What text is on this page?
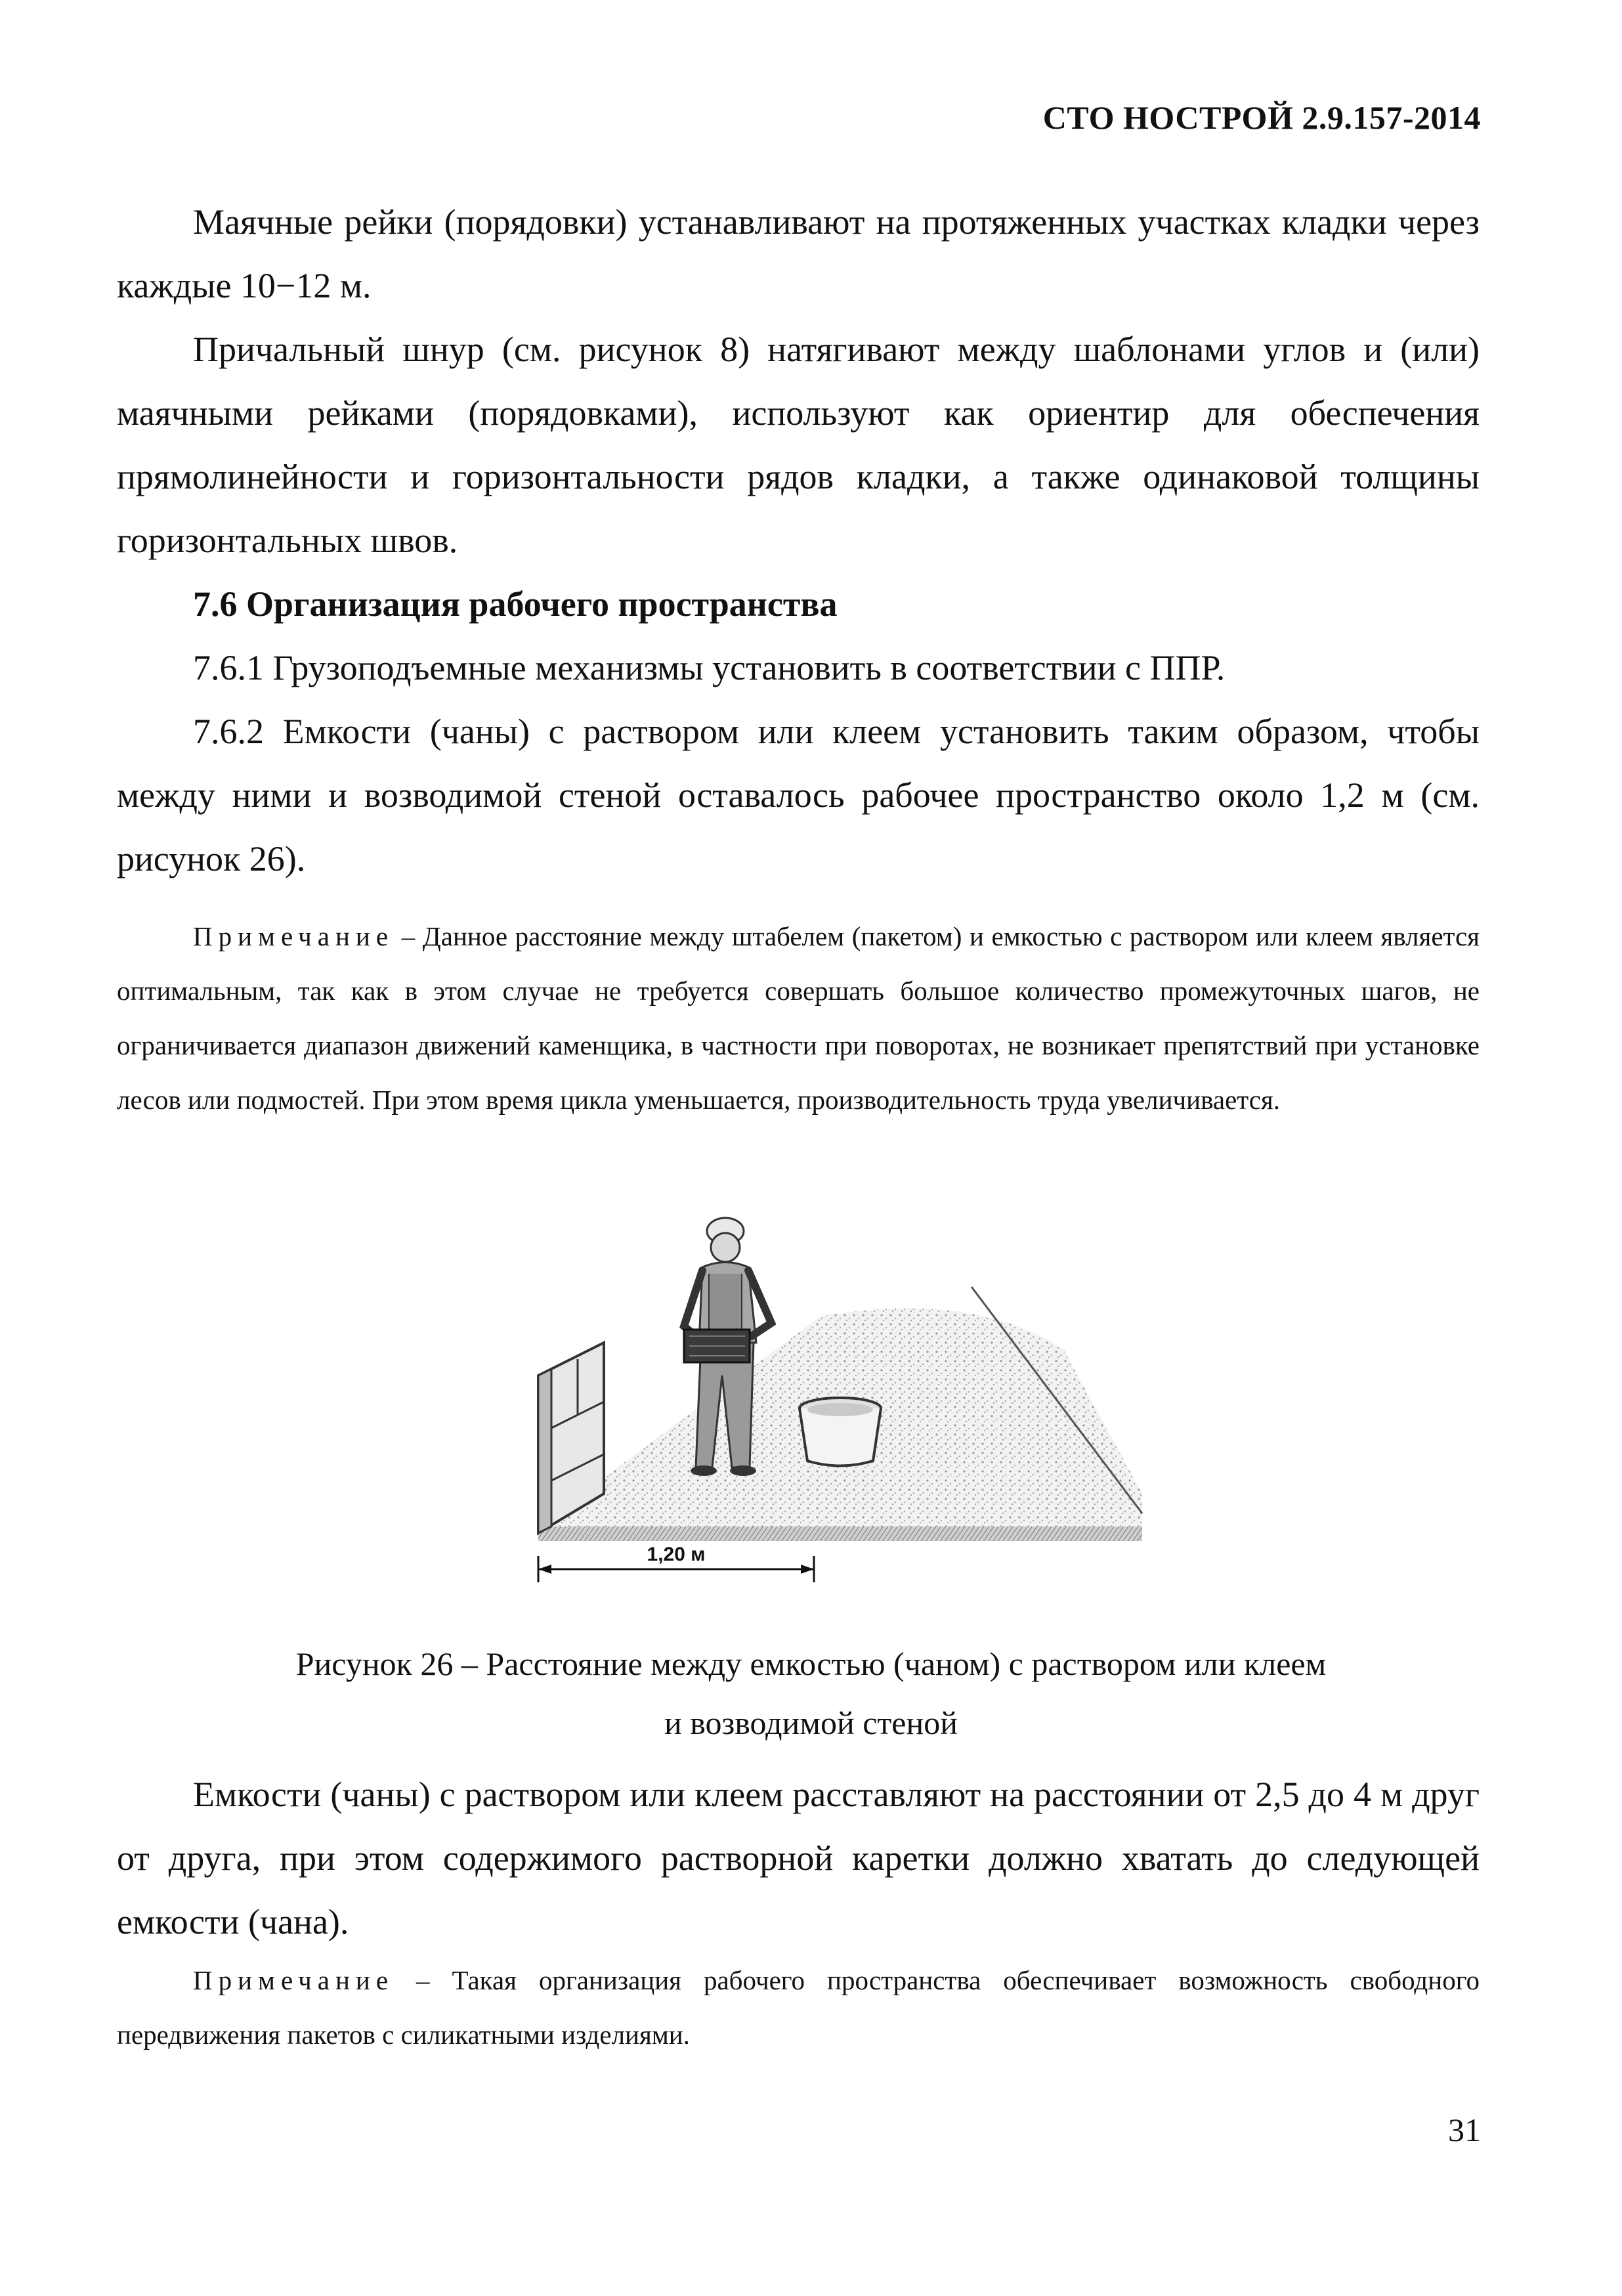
СТО НОСТРОЙ 2.9.157-2014

Маячные рейки (порядовки) устанавливают на протяженных участках кладки через каждые 10−12 м.

Причальный шнур (см. рисунок 8) натягивают между шаблонами углов и (или) маячными рейками (порядовками), используют как ориентир для обеспечения прямолинейности и горизонтальности рядов кладки, а также одинаковой толщины горизонтальных швов.

7.6 Организация рабочего пространства

7.6.1 Грузоподъемные механизмы установить в соответствии с ППР.

7.6.2 Емкости (чаны) с раствором или клеем установить таким образом, чтобы между ними и возводимой стеной оставалось рабочее пространство около 1,2 м (см. рисунок 26).

Примечание – Данное расстояние между штабелем (пакетом) и емкостью с раствором или клеем является оптимальным, так как в этом случае не требуется совершать большое количество промежуточных шагов, не ограничивается диапазон движений каменщика, в частности при поворотах, не возникает препятствий при установке лесов или подмостей. При этом время цикла уменьшается, производительность труда увеличивается.

1,20 м
Рисунок 26 – Расстояние между емкостью (чаном) с раствором или клеем
и возводимой стеной

Емкости (чаны) с раствором или клеем расставляют на расстоянии от 2,5 до 4 м друг от друга, при этом содержимого растворной каретки должно хватать до следующей емкости (чана).

Примечание – Такая организация рабочего пространства обеспечивает возможность свободного передвижения пакетов с силикатными изделиями.

31
